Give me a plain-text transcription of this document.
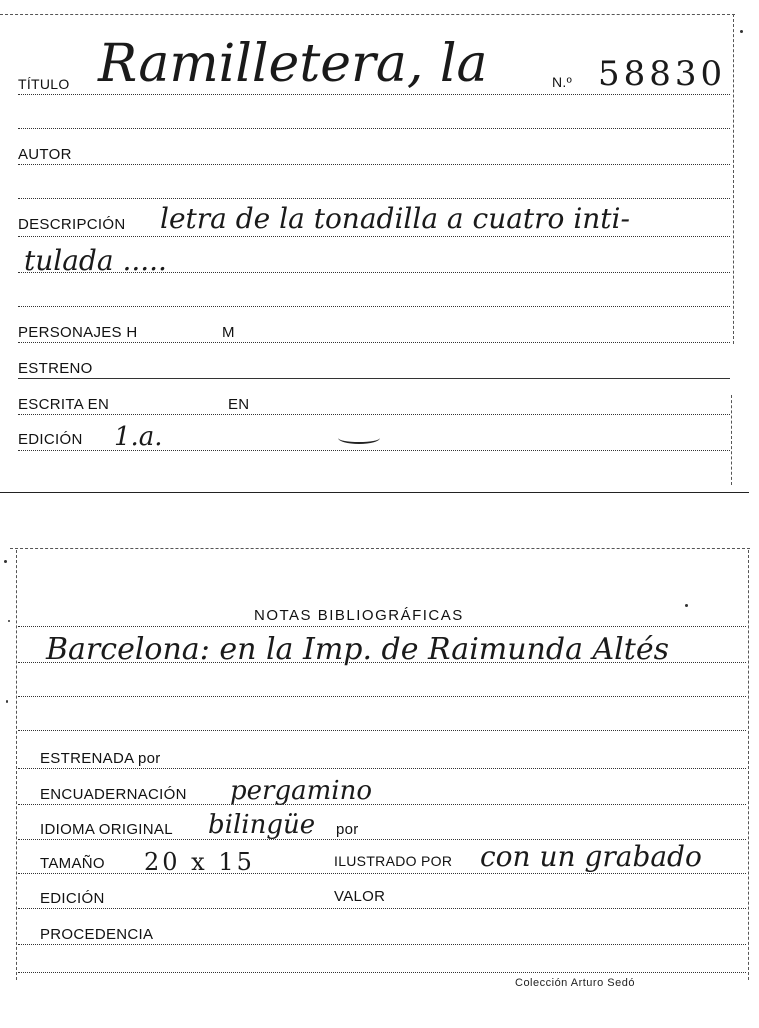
TÍTULO Ramilletera, la	N.º 58830
AUTOR
DESCRIPCIÓN letra de la tonadilla a cuatro inti-
tulada .....
PERSONAJES H	M
ESTRENO
ESCRITA EN	EN
EDICIÓN 1.a.
NOTAS BIBLIOGRÁFICAS
Barcelona: en la Imp. de Raimunda Altés
ESTRENADA por
ENCUADERNACIÓN pergamino
IDIOMA ORIGINAL bilingüe por
TAMAÑO 20 x 15	ILUSTRADO POR con un grabado
EDICIÓN	VALOR
PROCEDENCIA
Colección Arturo Sedó
